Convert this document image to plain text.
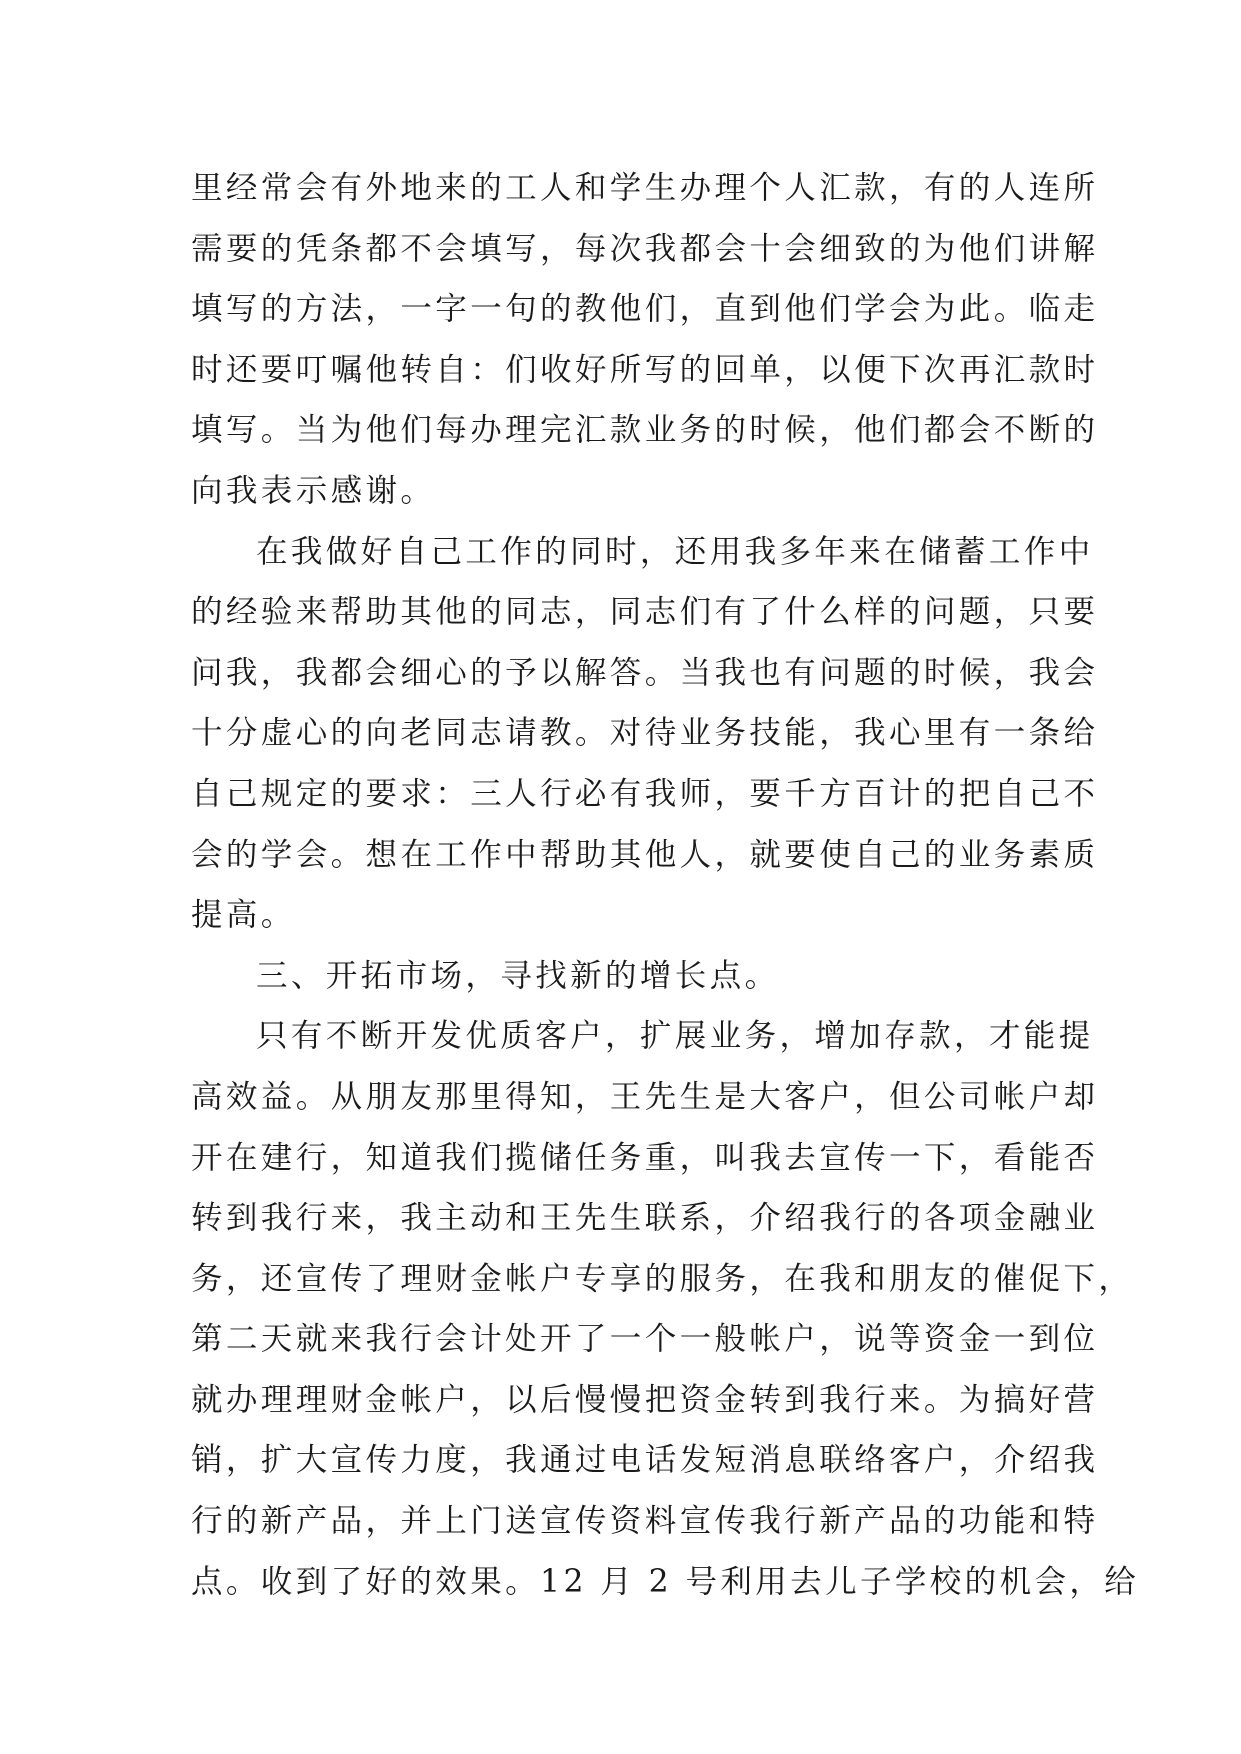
里经常会有外地来的工人和学生办理个人汇款，有的人连所
需要的凭条都不会填写，每次我都会十会细致的为他们讲解
填写的方法，一字一句的教他们，直到他们学会为此。临走
时还要叮嘱他转自：们收好所写的回单，以便下次再汇款时
填写。当为他们每办理完汇款业务的时候，他们都会不断的
向我表示感谢。
在我做好自己工作的同时，还用我多年来在储蓄工作中
的经验来帮助其他的同志，同志们有了什么样的问题，只要
问我，我都会细心的予以解答。当我也有问题的时候，我会
十分虚心的向老同志请教。对待业务技能，我心里有一条给
自己规定的要求：三人行必有我师，要千方百计的把自己不
会的学会。想在工作中帮助其他人，就要使自己的业务素质
提高。
三、开拓市场，寻找新的增长点。
只有不断开发优质客户，扩展业务，增加存款，才能提
高效益。从朋友那里得知，王先生是大客户，但公司帐户却
开在建行，知道我们揽储任务重，叫我去宣传一下，看能否
转到我行来，我主动和王先生联系，介绍我行的各项金融业
务，还宣传了理财金帐户专享的服务，在我和朋友的催促下，
第二天就来我行会计处开了一个一般帐户，说等资金一到位
就办理理财金帐户，以后慢慢把资金转到我行来。为搞好营
销，扩大宣传力度，我通过电话发短消息联络客户，介绍我
行的新产品，并上门送宣传资料宣传我行新产品的功能和特
点。收到了好的效果。12 月 2 号利用去儿子学校的机会，给
